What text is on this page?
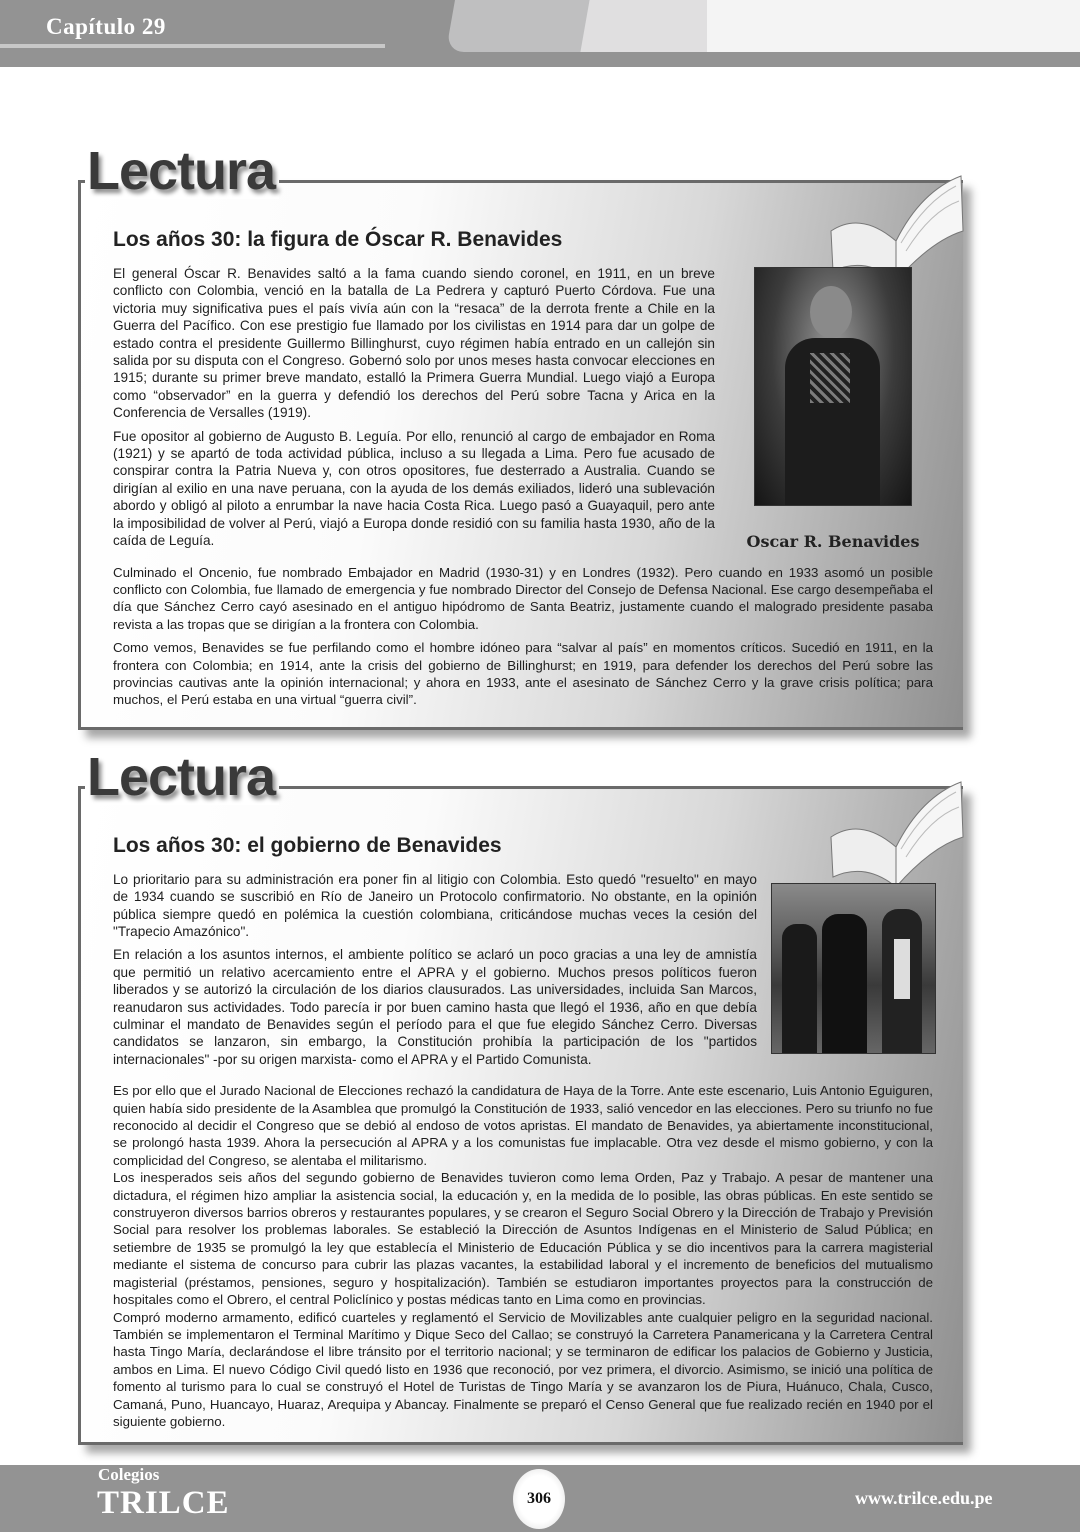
Capítulo 29
Lectura
Los años 30: la figura de Óscar R. Benavides

El general Óscar R. Benavides saltó a la fama cuando siendo coronel, en 1911, en un breve conflicto con Colombia, venció en la batalla de La Pedrera y capturó Puerto Córdova. Fue una victoria muy significativa pues el país vivía aún con la “resaca” de la derrota frente a Chile en la Guerra del Pacífico. Con ese prestigio fue llamado por los civilistas en 1914 para dar un golpe de estado contra el presidente Guillermo Billinghurst, cuyo régimen había entrado en un callejón sin salida por su disputa con el Congreso. Gobernó solo por unos meses hasta convocar elecciones en 1915; durante su primer breve mandato, estalló la Primera Guerra Mundial. Luego viajó a Europa como “observador” en la guerra y defendió los derechos del Perú sobre Tacna y Arica en la Conferencia de Versalles (1919).

Fue opositor al gobierno de Augusto B. Leguía. Por ello, renunció al cargo de embajador en Roma (1921) y se apartó de toda actividad pública, incluso a su llegada a Lima. Pero fue acusado de conspirar contra la Patria Nueva y, con otros opositores, fue desterrado a Australia. Cuando se dirigían al exilio en una nave peruana, con la ayuda de los demás exiliados, lideró una sublevación abordo y obligó al piloto a enrumbar la nave hacia Costa Rica. Luego pasó a Guayaquil, pero ante la imposibilidad de volver al Perú, viajó a Europa donde residió con su familia hasta 1930, año de la caída de Leguía.	Oscar R. Benavides

Culminado el Oncenio, fue nombrado Embajador en Madrid (1930-31) y en Londres (1932). Pero cuando en 1933 asomó un posible conflicto con Colombia, fue llamado de emergencia y fue nombrado Director del Consejo de Defensa Nacional. Ese cargo desempeñaba el día que Sánchez Cerro cayó asesinado en el antiguo hipódromo de Santa Beatriz, justamente cuando el malogrado presidente pasaba revista a las tropas que se dirigían a la frontera con Colombia.

Como vemos, Benavides se fue perfilando como el hombre idóneo para “salvar al país” en momentos críticos. Sucedió en 1911, en la frontera con Colombia; en 1914, ante la crisis del gobierno de Billinghurst; en 1919, para defender los derechos del Perú sobre las provincias cautivas ante la opinión internacional; y ahora en 1933, ante el asesinato de Sánchez Cerro y la grave crisis política; para muchos, el Perú estaba en una virtual “guerra civil”.

Lectura
Los años 30: el gobierno de Benavides

Lo prioritario para su administración era poner fin al litigio con Colombia. Esto quedó "resuelto" en mayo de 1934 cuando se suscribió en Río de Janeiro un Protocolo confirmatorio. No obstante, en la opinión pública siempre quedó en polémica la cuestión colombiana, criticándose muchas veces la cesión del "Trapecio Amazónico".

En relación a los asuntos internos, el ambiente político se aclaró un poco gracias a una ley de amnistía que permitió un relativo acercamiento entre el APRA y el gobierno. Muchos presos políticos fueron liberados y se autorizó la circulación de los diarios clausurados. Las universidades, incluida San Marcos, reanudaron sus actividades. Todo parecía ir por buen camino hasta que llegó el 1936, año en que debía culminar el mandato de Benavides según el período para el que fue elegido Sánchez Cerro. Diversas candidatos se lanzaron, sin embargo, la Constitución prohibía la participación de los "partidos internacionales" -por su origen marxista- como el APRA y el Partido Comunista.

Es por ello que el Jurado Nacional de Elecciones rechazó la candidatura de Haya de la Torre. Ante este escenario, Luis Antonio Eguiguren, quien había sido presidente de la Asamblea que promulgó la Constitución de 1933, salió vencedor en las elecciones. Pero su triunfo no fue reconocido al decidir el Congreso que se debió al endoso de votos apristas. El mandato de Benavides, ya abiertamente inconstitucional, se prolongó hasta 1939. Ahora la persecución al APRA y a los comunistas fue implacable. Otra vez desde el mismo gobierno, y con la complicidad del Congreso, se alentaba el militarismo.

Los inesperados seis años del segundo gobierno de Benavides tuvieron como lema Orden, Paz y Trabajo. A pesar de mantener una dictadura, el régimen hizo ampliar la asistencia social, la educación y, en la medida de lo posible, las obras públicas. En este sentido se construyeron diversos barrios obreros y restaurantes populares, y se crearon el Seguro Social Obrero y la Dirección de Trabajo y Previsión Social para resolver los problemas laborales. Se estableció la Dirección de Asuntos Indígenas en el Ministerio de Salud Pública; en setiembre de 1935 se promulgó la ley que establecía el Ministerio de Educación Pública y se dio incentivos para la carrera magisterial mediante el sistema de concurso para cubrir las plazas vacantes, la estabilidad laboral y el incremento de beneficios del mutualismo magisterial (préstamos, pensiones, seguro y hospitalización). También se estudiaron importantes proyectos para la construcción de hospitales como el Obrero, el central Policlínico y postas médicas tanto en Lima como en provincias.

Compró moderno armamento, edificó cuarteles y reglamentó el Servicio de Movilizables ante cualquier peligro en la seguridad nacional. También se implementaron el Terminal Marítimo y Dique Seco del Callao; se construyó la Carretera Panamericana y la Carretera Central hasta Tingo María, declarándose el libre tránsito por el territorio nacional; y se terminaron de edificar los palacios de Gobierno y Justicia, ambos en Lima. El nuevo Código Civil quedó listo en 1936 que reconoció, por vez primera, el divorcio. Asimismo, se inició una política de fomento al turismo para lo cual se construyó el Hotel de Turistas de Tingo María y se avanzaron los de Piura, Huánuco, Chala, Cusco, Camaná, Puno, Huancayo, Huaraz, Arequipa y Abancay. Finalmente se preparó el Censo General que fue realizado recién en 1940 por el siguiente gobierno.

Colegios
TRILCE	306	www.trilce.edu.pe
